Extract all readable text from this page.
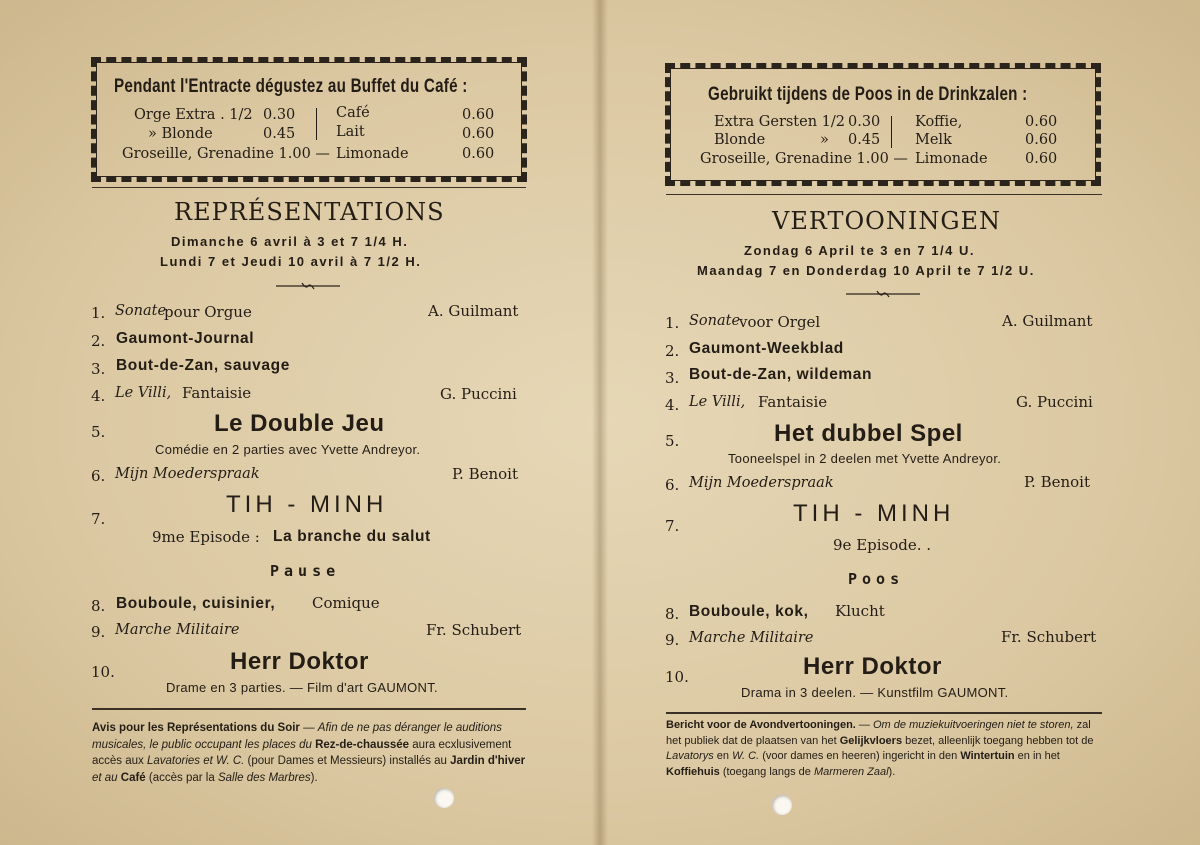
Pendant l'Entracte dégustez au Buffet du Café :
Orge Extra . 1/2 0.30	Café	0.60
» Blonde	0.45	Lait	0.60
Groseille, Grenadine 1.00 — Limonade	0.60
REPRÉSENTATIONS
Dimanche 6 avril à 3 et 7 1/4 H.
Lundi 7 et Jeudi 10 avril à 7 1/2 H.
1. Sonate
pour Orgue	A. Guilmant
2. Gaumont-Journal
3. Bout-de-Zan, sauvage
4. Le Villi, Fantaisie	G. Puccini
5.	Le Double Jeu
Comédie en 2 parties avec Yvette Andreyor.
6. Mijn Moedersprаak	P. Benoit
7.
TIH - MINH
9me Episode : La branche du salut
Pause
8. Bouboule, cuisinier, Comique
9. Marche Militaire	Fr. Schubert
10.	Herr Doktor
Drame en 3 parties. — Film d'art GAUMONT.
Avis pour les Représentations du Soir — Afin de ne pas déranger le auditions musicales, le public occupant les places du Rez-de-chaussée aura ecxlusivement accès aux Lavatories et W. C. (pour Dames et Messieurs) installés au Jardin d'hiver et au Café (accès par la Salle des Marbres).
Gebruikt tijdens de Poos in de Drinkzalen :
Extra Gersten 1/2 0.30 Koffie,	0.60
Blonde	» 0.45 Melk	0.60
Groseille, Grenadine 1.00 — Limonade	0.60
VERTOONINGEN
Zondag 6 April te 3 en 7 1/4 U.
Maandag 7 en Donderdag 10 April te 7 1/2 U.
1. Sonate
voor Orgel	A. Guilmant
2. Gaumont-Weekblad
3. Bout-de-Zan, wildeman
4. Le Villi, Fantaisie	G. Puccini
5.	Het dubbel Spel
Tooneelspel in 2 deelen met Yvette Andreyor.
6. Mijn Moedersprаak	P. Benoit
7.	TIH - MINH
9e Episode. .
Poos
8. Bouboule, kok, Klucht
9. Marche Militaire	Fr. Schubert
10.	Herr Doktor
Drama in 3 deelen. — Kunstfilm GAUMONT.
Bericht voor de Avondvertooningen. — Om de muziekuitvoeringen niet te storen, zal het publiek dat de plaatsen van het Gelijkvloers bezet, alleenlijk toegang hebben tot de Lavatorys en W. C. (voor dames en heeren) ingericht in den Wintertuin en in het Koffiehuis (toegang langs de Marmeren Zaal).
